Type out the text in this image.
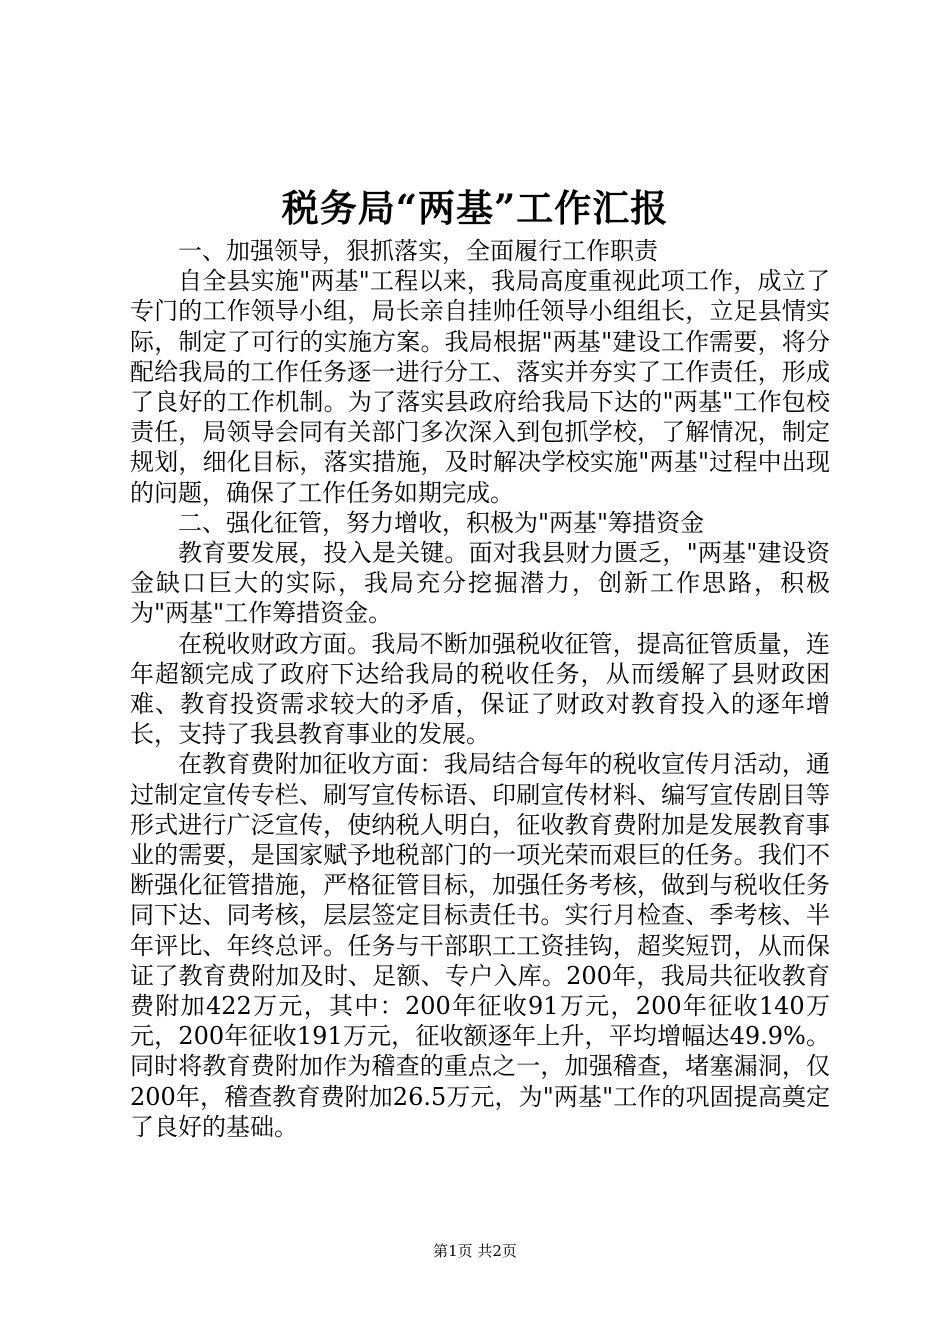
税务局“两基”工作汇报

一、加强领导，狠抓落实，全面履行工作职责

自全县实施"两基"工程以来，我局高度重视此项工作，成立了专门的工作领导小组，局长亲自挂帅任领导小组组长，立足县情实际，制定了可行的实施方案。我局根据"两基"建设工作需要，将分配给我局的工作任务逐一进行分工、落实并夯实了工作责任，形成了良好的工作机制。为了落实县政府给我局下达的"两基"工作包校责任，局领导会同有关部门多次深入到包抓学校，了解情况，制定规划，细化目标，落实措施，及时解决学校实施"两基"过程中出现的问题，确保了工作任务如期完成。

二、强化征管，努力增收，积极为"两基"筹措资金

教育要发展，投入是关键。面对我县财力匮乏，"两基"建设资金缺口巨大的实际，我局充分挖掘潜力，创新工作思路，积极为"两基"工作筹措资金。

在税收财政方面。我局不断加强税收征管，提高征管质量，连年超额完成了政府下达给我局的税收任务，从而缓解了县财政困难、教育投资需求较大的矛盾，保证了财政对教育投入的逐年增长，支持了我县教育事业的发展。

在教育费附加征收方面：我局结合每年的税收宣传月活动，通过制定宣传专栏、刷写宣传标语、印刷宣传材料、编写宣传剧目等形式进行广泛宣传，使纳税人明白，征收教育费附加是发展教育事业的需要，是国家赋予地税部门的一项光荣而艰巨的任务。我们不断强化征管措施，严格征管目标，加强任务考核，做到与税收任务同下达、同考核，层层签定目标责任书。实行月检查、季考核、半年评比、年终总评。任务与干部职工工资挂钩，超奖短罚，从而保证了教育费附加及时、足额、专户入库。200年，我局共征收教育费附加422万元，其中：200年征收91万元，200年征收140万元，200年征收191万元，征收额逐年上升，平均增幅达49.9%。同时将教育费附加作为稽查的重点之一，加强稽查，堵塞漏洞，仅200年，稽查教育费附加26.5万元，为"两基"工作的巩固提高奠定了良好的基础。

第1页 共2页
